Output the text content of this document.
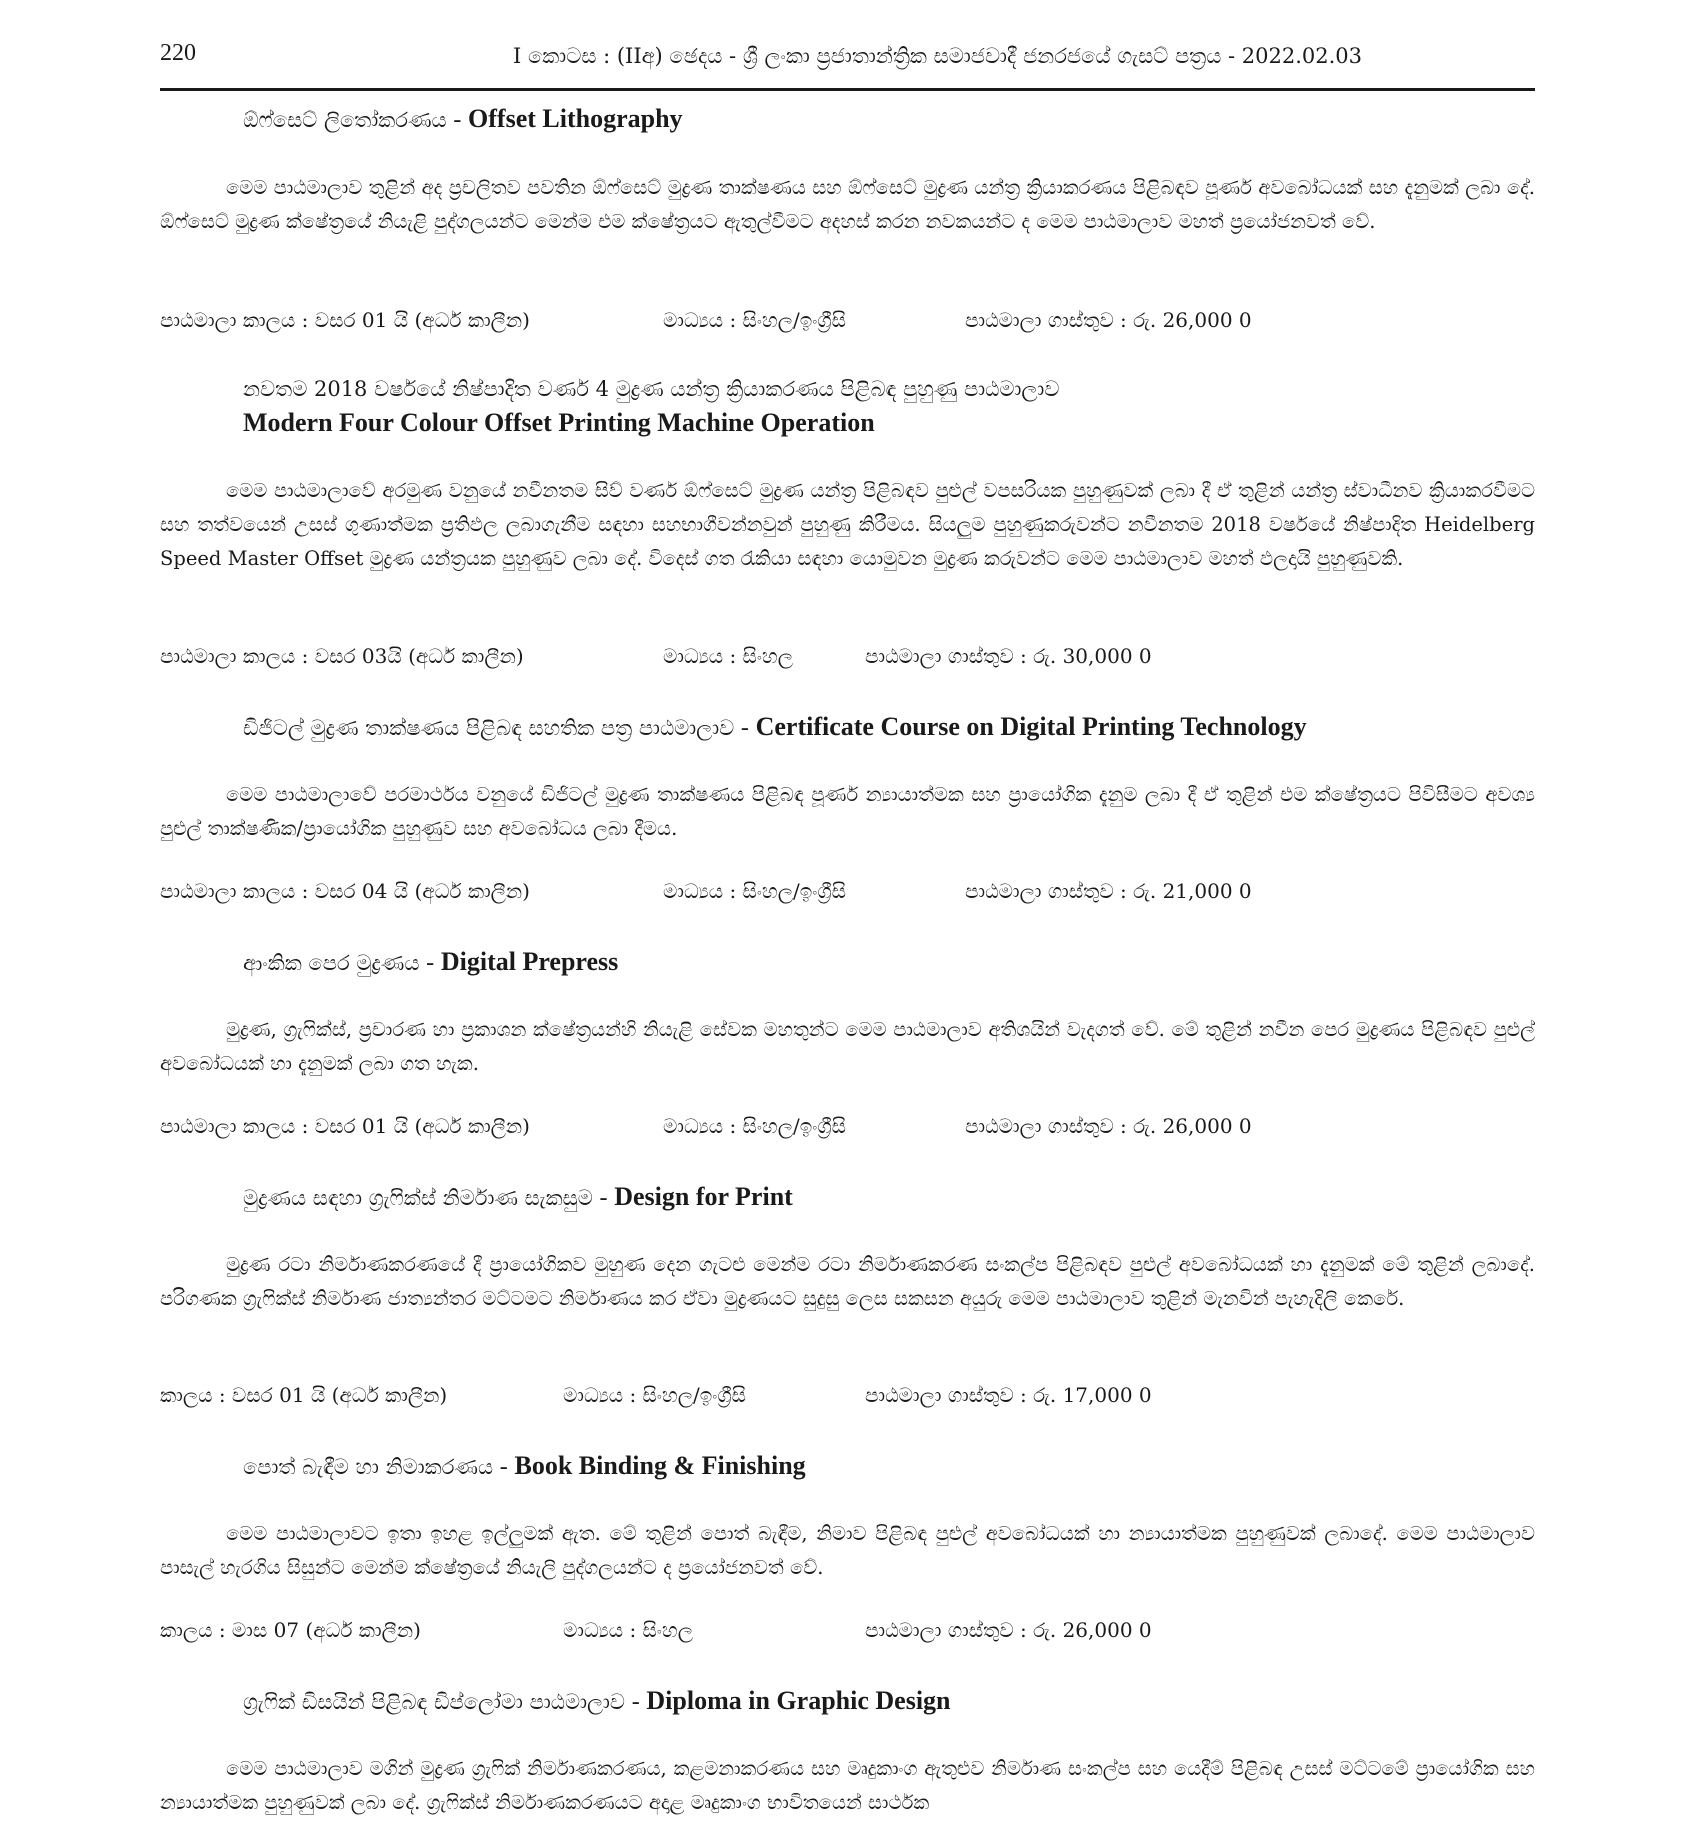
220	I කොටස : (IIඅ) ඡෙදය - ශ්‍රී ලංකා ප්‍රජාතාන්ත්‍රික සමාජවාදී ජනරජයේ ගැසට් පත්‍රය - 2022.02.03
ඕෆ්සෙට් ලිතෝකරණය - Offset Lithography

මෙම පාඨමාලාව තුළින් අද ප්‍රචලිතව පවතින ඕෆ්සෙට් මුද්‍රණ තාක්ෂණය සහ ඕෆ්සෙට් මුද්‍රණ යන්ත්‍ර ක්‍රියාකරණය පිළිබඳව පූර්ණ අවබෝධයක් සහ දැනුමක් ලබා දේ. ඕෆ්සෙට් මුද්‍රණ ක්ෂේත්‍රයේ නියැළි පුද්ගලයන්ට මෙන්ම එම ක්ෂේත්‍රයට ඇතුල්වීමට අදහස් කරන නවකයන්ට ද මෙම පාඨමාලාව මහත් ප්‍රයෝජනවත් වේ.

පාඨමාලා කාලය : වසර 01 යි (අර්ධ කාලීන)	මාධ්‍යය : සිංහල/ඉංග්‍රීසි	පාඨමාලා ගාස්තුව : රු. 26,000 0
නවතම 2018 වර්ෂයේ නිෂ්පාදිත වර්ණ 4 මුද්‍රණ යන්ත්‍ර ක්‍රියාකරණය පිළිබඳ පුහුණු පාඨමාලාව
Modern Four Colour Offset Printing Machine Operation

මෙම පාඨමාලාවේ අරමුණ වනුයේ නවීනතම සිව් වර්ණ ඕෆ්සෙට් මුද්‍රණ යන්ත්‍ර පිළිබඳව පුළුල් වපසරියක පුහුණුවක් ලබා දී ඒ තුළින් යන්ත්‍ර ස්වාධීනව ක්‍රියාකරවීමට සහ තත්වයෙන් උසස් ගුණාත්මක ප්‍රතිඵල ලබාගැනීම සඳහා සහභාගීවන්නවුන් පුහුණු කිරීමය. සියලුම පුහුණුකරුවන්ට නවීනතම 2018 වර්ෂයේ නිෂ්පාදිත Heidelberg Speed Master Offset මුද්‍රණ යන්ත්‍රයක පුහුණුව ලබා දේ. විදෙස් ගත රැකියා සඳහා යොමුවන මුද්‍රණ කරුවන්ට මෙම පාඨමාලාව මහත් ඵලදායි පුහුණුවකි.

පාඨමාලා කාලය : වසර 03යි (අර්ධ කාලීන)	මාධ්‍යය : සිංහල	පාඨමාලා ගාස්තුව : රු. 30,000 0
ඩිජිටල් මුද්‍රණ තාක්ෂණය පිළිබඳ සහතික පත්‍ර පාඨමාලාව - Certificate Course on Digital Printing Technology

මෙම පාඨමාලාවේ පරමාර්ථය වනුයේ ඩිජිටල් මුද්‍රණ තාක්ෂණය පිළිබඳ පූර්ණ න්‍යායාත්මක සහ ප්‍රායෝගික දැනුම ලබා දී ඒ තුළින් එම ක්ෂේත්‍රයට පිවිසීමට අවශ්‍ය පුළුල් තාක්ෂණික/ප්‍රායෝගික පුහුණුව සහ අවබෝධය ලබා දීමය.

පාඨමාලා කාලය : වසර 04 යි (අර්ධ කාලීන)	මාධ්‍යය : සිංහල/ඉංග්‍රීසි	පාඨමාලා ගාස්තුව : රු. 21,000 0
ආංකික පෙර මුද්‍රණය - Digital Prepress

මුද්‍රණ, ග්‍රැෆික්ස්, ප්‍රචාරණ හා ප්‍රකාශන ක්ෂේත්‍රයන්හි නියැළි සේවක මහතුන්ට මෙම පාඨමාලාව අතිශයින් වැදගත් වේ. මේ තුළින් නවීන පෙර මුද්‍රණය පිළිබඳව පුළුල් අවබෝධයක් හා දැනුමක් ලබා ගත හැක.

පාඨමාලා කාලය : වසර 01 යි (අර්ධ කාලීන)	මාධ්‍යය : සිංහල/ඉංග්‍රීසි	පාඨමාලා ගාස්තුව : රු. 26,000 0
මුද්‍රණය සඳහා ග්‍රැෆික්ස් නිර්මාණ සැකසුම - Design for Print

මුද්‍රණ රටා නිර්මාණකරණයේ දී ප්‍රායෝගිකව මුහුණ දෙන ගැටළු මෙන්ම රටා නිර්මාණකරණ සංකල්ප පිළිබඳව පුළුල් අවබෝධයක් හා දැනුමක් මේ තුළින් ලබාදේ. පරිගණක ග්‍රැෆික්ස් නිර්මාණ ජාත්‍යන්තර මට්ටමට නිර්මාණය කර ඒවා මුද්‍රණයට සුදුසු ලෙස සකසන අයුරු මෙම පාඨමාලාව තුළින් මැනවින් පැහැදිලි කෙරේ.

කාලය : වසර 01 යි (අර්ධ කාලීන)	මාධ්‍යය : සිංහල/ඉංග්‍රීසි	පාඨමාලා ගාස්තුව : රු. 17,000 0
පොත් බැඳීම හා නිමාකරණය - Book Binding & Finishing

මෙම පාඨමාලාවට ඉතා ඉහළ ඉල්ලුමක් ඇත. මේ තුළින් පොත් බැඳීම, නිමාව පිළිබඳ පුළුල් අවබෝධයක් හා න්‍යායාත්මක පුහුණුවක් ලබාදේ. මෙම පාඨමාලාව පාසැල් හැරගිය සිසුන්ට මෙන්ම ක්ෂේත්‍රයේ නියැලි පුද්ගලයන්ට ද ප්‍රයෝජනවත් වේ.

කාලය : මාස 07 (අර්ධ කාලීන)	මාධ්‍යය : සිංහල	පාඨමාලා ගාස්තුව : රු. 26,000 0
ග්‍රැෆික් ඩිසයින් පිළිබඳ ඩිප්ලෝමා පාඨමාලාව - Diploma in Graphic Design

මෙම පාඨමාලාව මගින් මුද්‍රණ ග්‍රැෆික් නිර්මාණකරණය, කළමනාකරණය සහ මෘදුකාංග ඇතුළුව නිර්මාණ සංකල්ප සහ යෙදීම් පිළිබඳ උසස් මට්ටමේ ප්‍රායෝගික සහ න්‍යායාත්මක පුහුණුවක් ලබා දේ. ග්‍රැෆික්ස් නිර්මාණකරණයට අදාළ මෘදුකාංග භාවිතයෙන් සාර්ථක
